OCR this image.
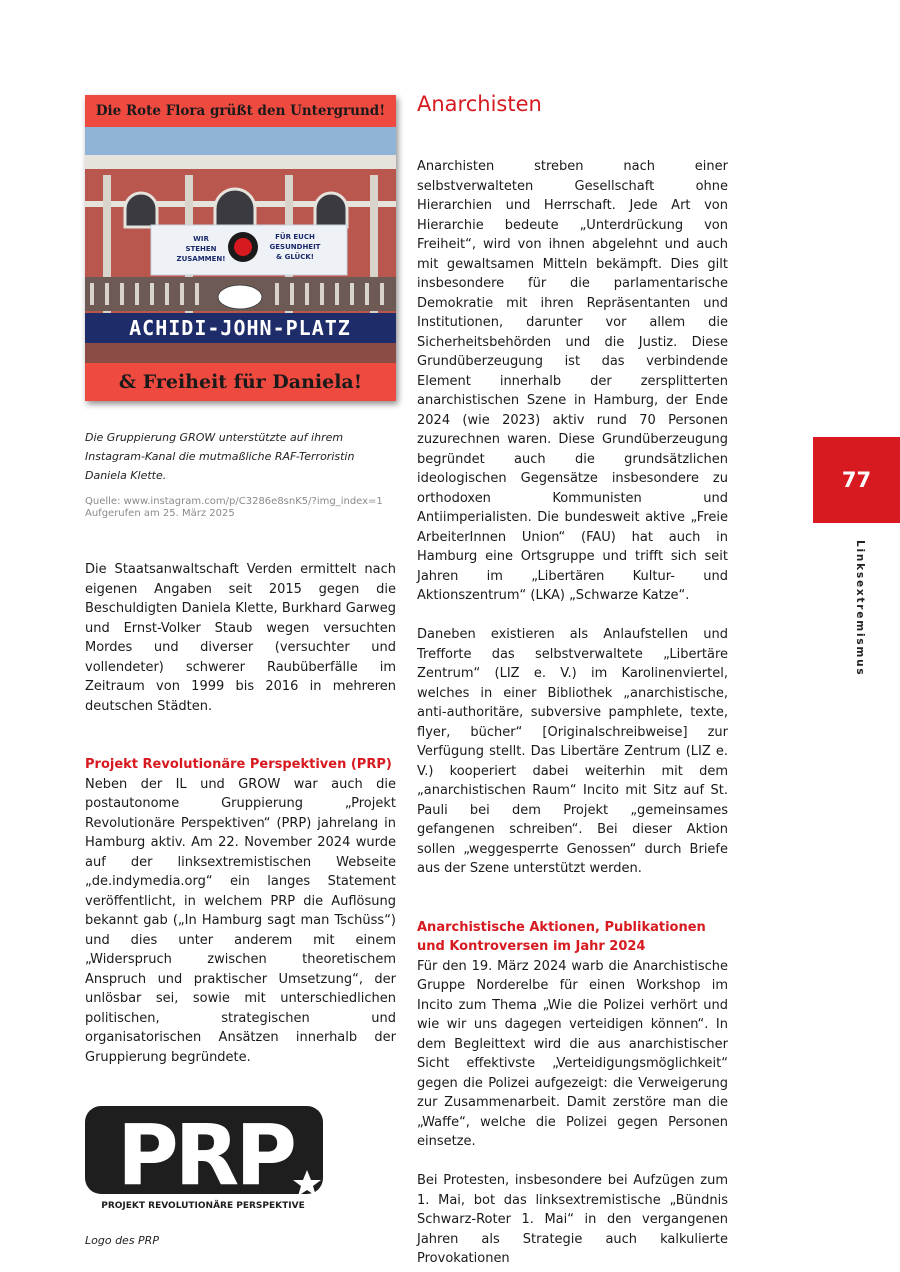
Die Rote Flora grüßt den Untergrund!
WIR
STEHEN
ZUSAMMEN!
FÜR EUCH
GESUNDHEIT
& GLÜCK!
ACHIDI-JOHN-PLATZ
& Freiheit für Daniela!
Die Gruppierung GROW unterstützte auf ihrem Instagram-Kanal die mutmaßliche RAF-Terroristin Daniela Klette.
Quelle: www.instagram.com/p/C3286e8snK5/?img_index=1
Aufgerufen am 25. März 2025

Die Staatsanwaltschaft Verden ermittelt nach eigenen Angaben seit 2015 gegen die Beschuldigten Daniela Klette, Burkhard Garweg und Ernst-Volker Staub wegen versuchten Mordes und diverser (versuchter und vollendeter) schwerer Raubüberfälle im Zeitraum von 1999 bis 2016 in mehreren deutschen Städten.

Projekt Revolutionäre Perspektiven (PRP)

Neben der IL und GROW war auch die postautonome Gruppierung „Projekt Revolutionäre Perspektiven“ (PRP) jahrelang in Hamburg aktiv. Am 22. November 2024 wurde auf der linksextremistischen Webseite „de.indymedia.org“ ein langes Statement veröffentlicht, in welchem PRP die Auflösung bekannt gab („In Hamburg sagt man Tschüss“) und dies unter anderem mit einem „Widerspruch zwischen theoretischem Anspruch und praktischer Umsetzung“, der unlösbar sei, sowie mit unterschiedlichen politischen, strategischen und organisatorischen Ansätzen innerhalb der Gruppierung begründete.

PRP
PROJEKT REVOLUTIONÄRE PERSPEKTIVE
Logo des PRP
Anarchisten

Anarchisten streben nach einer selbstverwalteten Gesellschaft ohne Hierarchien und Herrschaft. Jede Art von Hierarchie bedeute „Unterdrückung von Freiheit“, wird von ihnen abgelehnt und auch mit gewaltsamen Mitteln bekämpft. Dies gilt insbesondere für die parlamentarische Demokratie mit ihren Repräsentanten und Institutionen, darunter vor allem die Sicherheitsbehörden und die Justiz. Diese Grundüberzeugung ist das verbindende Element innerhalb der zersplitterten anarchistischen Szene in Hamburg, der Ende 2024 (wie 2023) aktiv rund 70 Personen zuzurechnen waren. Diese Grundüberzeugung begründet auch die grundsätzlichen ideologischen Gegensätze insbesondere zu orthodoxen Kommunisten und Antiimperialisten. Die bundesweit aktive „Freie ArbeiterInnen Union“ (FAU) hat auch in Hamburg eine Ortsgruppe und trifft sich seit Jahren im „Libertären Kultur- und Aktionszentrum“ (LKA) „Schwarze Katze“.

Daneben existieren als Anlaufstellen und Trefforte das selbstverwaltete „Libertäre Zentrum“ (LIZ e. V.) im Karolinenviertel, welches in einer Bibliothek „anarchistische, anti-authoritäre, subversive pamphlete, texte, flyer, bücher“ [Originalschreibweise] zur Verfügung stellt. Das Libertäre Zentrum (LIZ e. V.) kooperiert dabei weiterhin mit dem „anarchistischen Raum“ Incito mit Sitz auf St. Pauli bei dem Projekt „gemeinsames gefangenen schreiben“. Bei dieser Aktion sollen „weggesperrte Genossen“ durch Briefe aus der Szene unterstützt werden.

Anarchistische Aktionen, Publikationen und Kontroversen im Jahr 2024

Für den 19. März 2024 warb die Anarchistische Gruppe Norderelbe für einen Workshop im Incito zum Thema „Wie die Polizei verhört und wie wir uns dagegen verteidigen können“. In dem Begleittext wird die aus anarchistischer Sicht effektivste „Verteidigungsmöglichkeit“ gegen die Polizei aufgezeigt: die Verweigerung zur Zusammenarbeit. Damit zerstöre man die „Waffe“, welche die Polizei gegen Personen einsetze.

Bei Protesten, insbesondere bei Aufzügen zum 1. Mai, bot das linksextremistische „Bündnis Schwarz-Roter 1. Mai“ in den vergangenen Jahren als Strategie auch kalkulierte Provokationen

77
Linksextremismus
